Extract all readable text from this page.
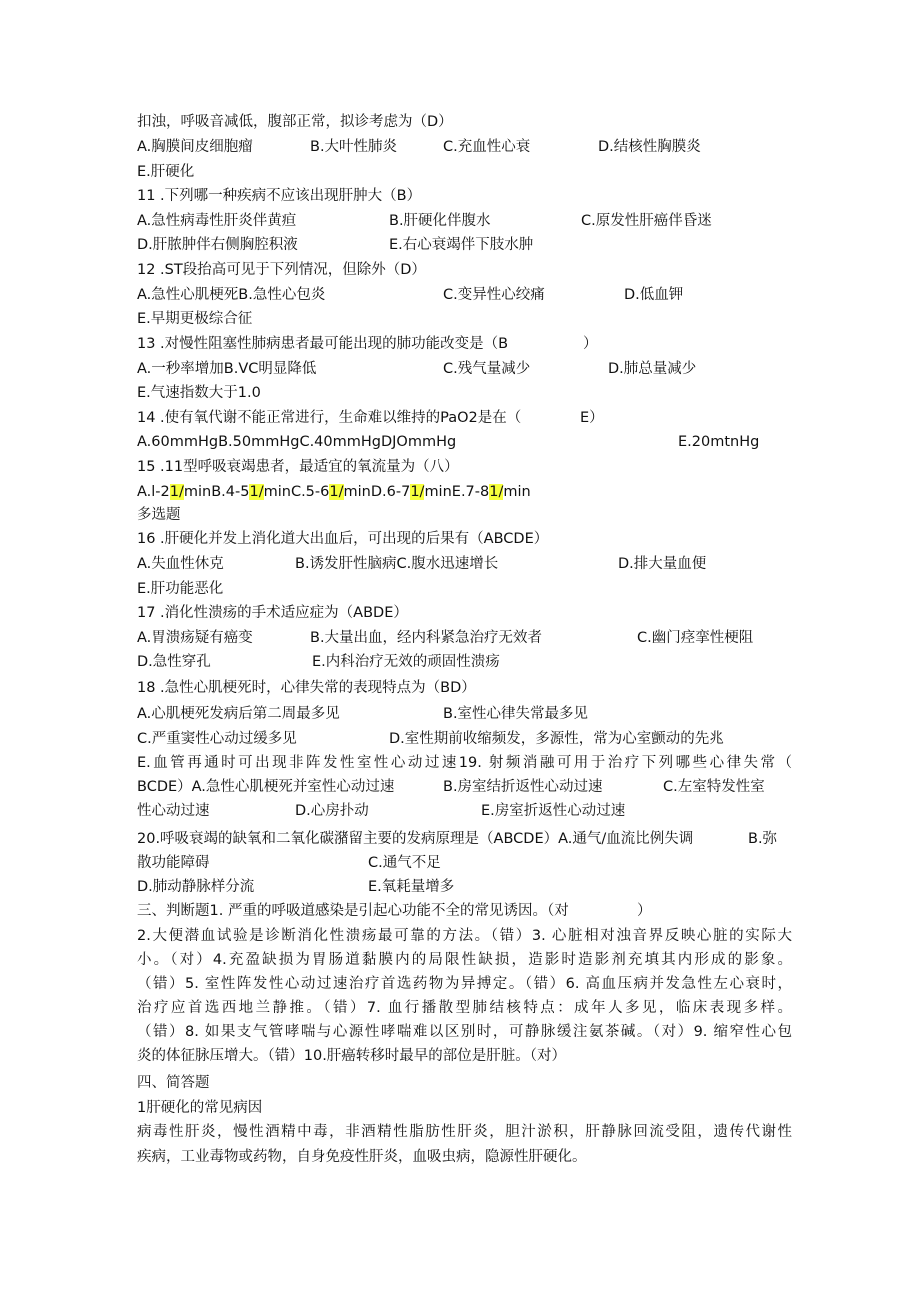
扣浊，呼吸音减低，腹部正常，拟诊考虑为（D）
A.胸膜间皮细胞瘤	B.大叶性肺炎	C.充血性心衰	D.结核性胸膜炎
E.肝硬化
11 .下列哪一种疾病不应该出现肝肿大（B）
A.急性病毒性肝炎伴黄疸	B.肝硬化伴腹水	C.原发性肝癌伴昏迷
D.肝脓肿伴右侧胸腔积液	E.右心衰竭伴下肢水肿
12 .ST段抬高可见于下列情况，但除外（D）
A.急性心肌梗死B.急性心包炎	C.变异性心绞痛	D.低血钾
E.早期更极综合征
13 .对慢性阻塞性肺病患者最可能出现的肺功能改变是（B	）
A.一秒率增加B.VC明显降低	C.残气量减少	D.肺总量减少
E.气速指数大于1.0
14 .使有氧代谢不能正常进行，生命难以维持的PaO2是在（	E）
A.60mmHgB.50mmHgC.40mmHgDJOmmHg	E.20mtnHg
15 .11型呼吸衰竭患者，最适宜的氧流量为（八）
A.l-21/minB.4-51/minC.5-61/minD.6-71/minE.7-81/min
多选题
16 .肝硬化并发上消化道大出血后，可出现的后果有（ABCDE）
A.失血性休克	B.诱发肝性脑病C.腹水迅速增长	D.排大量血便
E.肝功能恶化
17 .消化性溃疡的手术适应症为（ABDE）
A.胃溃疡疑有癌变	B.大量出血，经内科紧急治疗无效者	C.幽门痉挛性梗阻
D.急性穿孔	E.内科治疗无效的顽固性溃疡
18 .急性心肌梗死时，心律失常的表现特点为（BD）
A.心肌梗死发病后第二周最多见	B.室性心律失常最多见
C.严重窦性心动过缓多见	D.室性期前收缩频发，多源性，常为心室颤动的先兆
E.血管再通时可出现非阵发性室性心动过速19. 射频消融可用于治疗下列哪些心律失常（
BCDE）A.急性心肌梗死并室性心动过速	B.房室结折返性心动过速	C.左室特发性室
性心动过速	D.心房扑动	E.房室折返性心动过速
20.呼吸衰竭的缺氧和二氧化碳潴留主要的发病原理是（ABCDE）A.通气/血流比例失调	B.弥
散功能障碍	C.通气不足
D.肺动静脉样分流	E.氧耗量增多
三、判断题1. 严重的呼吸道感染是引起心功能不全的常见诱因。（对	）
2.大便潜血试验是诊断消化性溃疡最可靠的方法。（错）3. 心脏相对浊音界反映心脏的实际大
小。（对）4.充盈缺损为胃肠道黏膜内的局限性缺损，造影时造影剂充填其内形成的影象。
（错）5. 室性阵发性心动过速治疗首选药物为异搏定。（错）6. 高血压病并发急性左心衰时，
治疗应首选西地兰静推。（错）7. 血行播散型肺结核特点：成年人多见，临床表现多样。
（错）8. 如果支气管哮喘与心源性哮喘难以区别时，可静脉缓注氨茶碱。（对）9. 缩窄性心包
炎的体征脉压增大。（错）10.肝癌转移时最早的部位是肝脏。（对）
四、简答题
1肝硬化的常见病因
病毒性肝炎，慢性酒精中毒，非酒精性脂肪性肝炎，胆汁淤积，肝静脉回流受阻，遗传代谢性
疾病，工业毒物或药物，自身免疫性肝炎，血吸虫病，隐源性肝硬化。
